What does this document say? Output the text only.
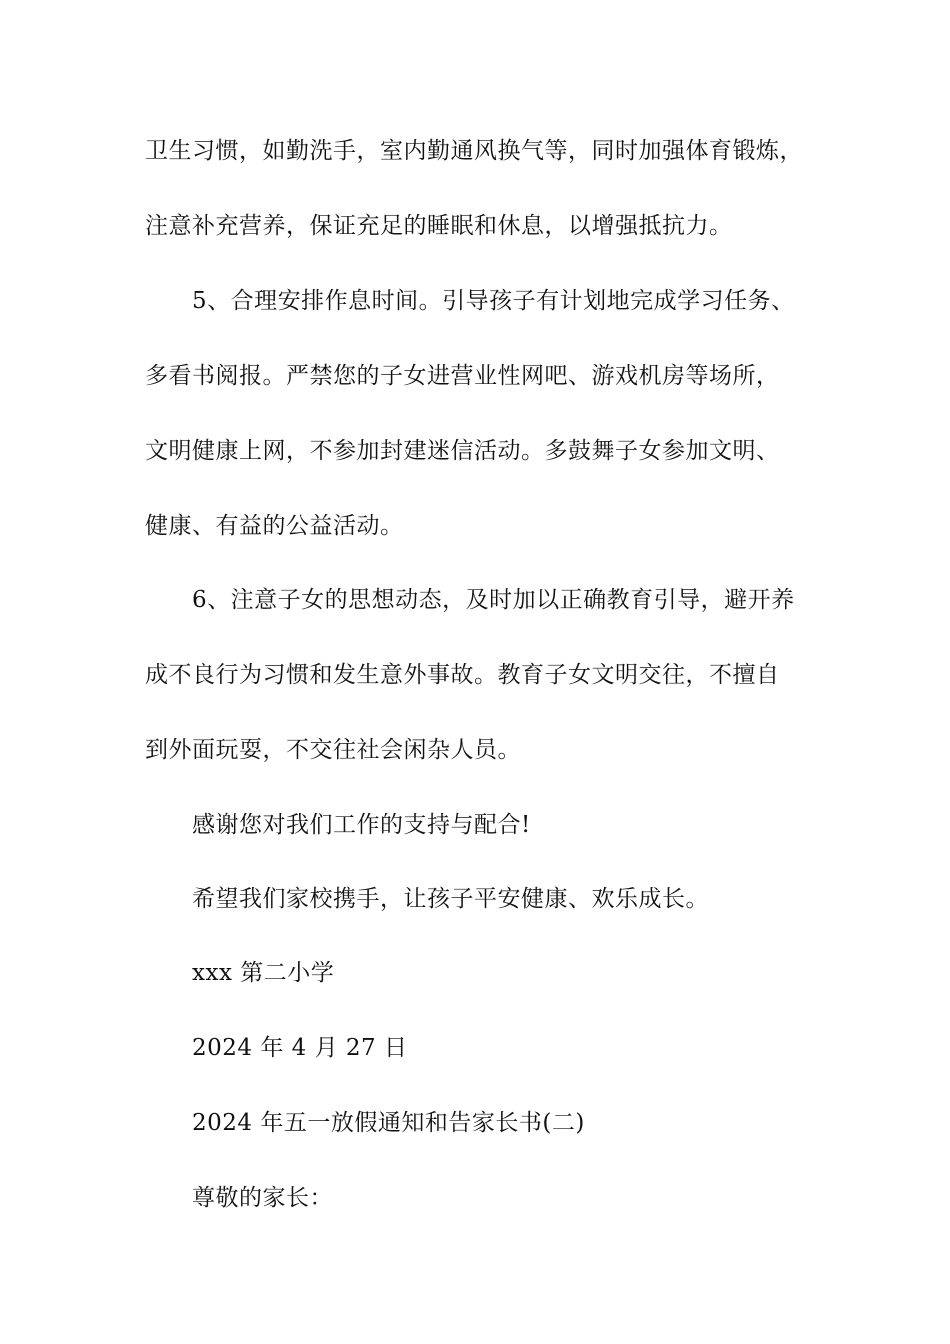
卫生习惯，如勤洗手，室内勤通风换气等，同时加强体育锻炼，
注意补充营养，保证充足的睡眠和休息，以增强抵抗力。
5、合理安排作息时间。引导孩子有计划地完成学习任务、
多看书阅报。严禁您的子女进营业性网吧、游戏机房等场所，
文明健康上网，不参加封建迷信活动。多鼓舞子女参加文明、
健康、有益的公益活动。
6、注意子女的思想动态，及时加以正确教育引导，避开养
成不良行为习惯和发生意外事故。教育子女文明交往，不擅自
到外面玩耍，不交往社会闲杂人员。
感谢您对我们工作的支持与配合!
希望我们家校携手，让孩子平安健康、欢乐成长。
xxx 第二小学
2024 年 4 月 27 日
2024 年五一放假通知和告家长书(二)
尊敬的家长：
